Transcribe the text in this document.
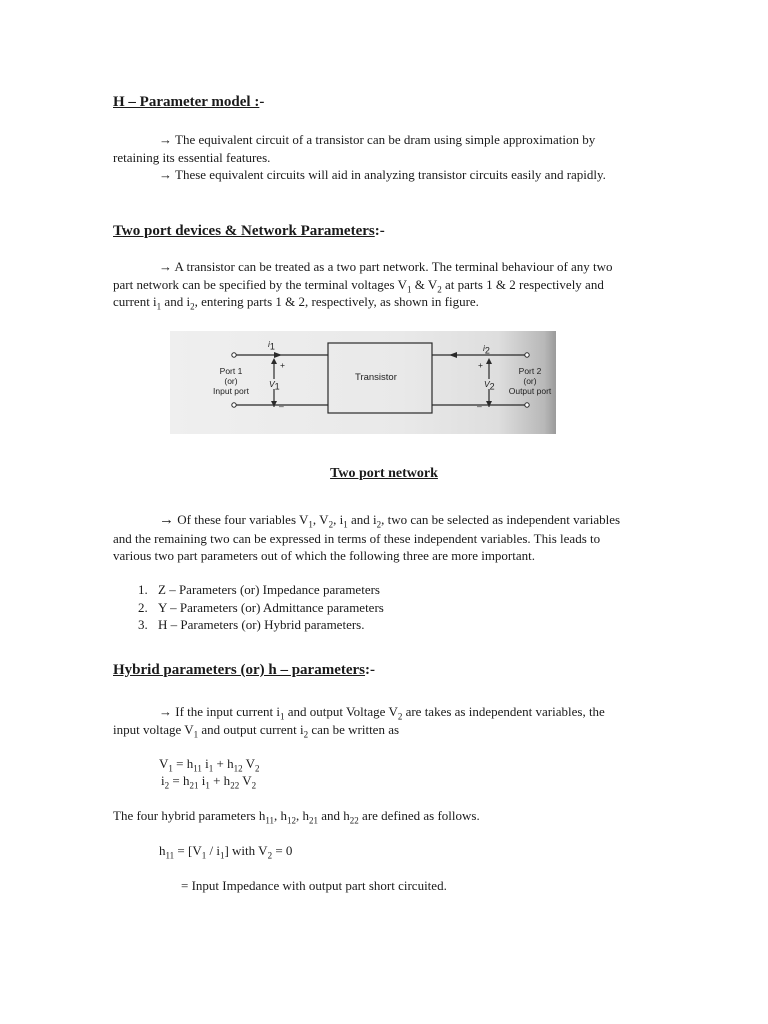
H – Parameter model :-

→ The equivalent circuit of a transistor can be dram using simple approximation by retaining its essential features.

→ These equivalent circuits will aid in analyzing transistor circuits easily and rapidly.

Two port devices & Network Parameters:-

→ A transistor can be treated as a two part network. The terminal behaviour of any two part network can be specified by the terminal voltages $V_1$ & $V_2$ at parts 1 & 2 respectively and current $i_1$ and $i_2$, entering parts 1 & 2, respectively, as shown in figure.

$i_1$	$i_2$
+	+
–	–
$V_1$	$V_2$
Transistor
Port 1
(or)
Input port
Port 2
(or)
Output port
Two port network

→ Of these four variables $V_1$, $V_2$, $i_1$ and $i_2$, two can be selected as independent variables and the remaining two can be expressed in terms of these independent variables. This leads to various two part parameters out of which the following three are more important.

1. Z – Parameters (or) Impedance parameters
2. Y – Parameters (or) Admittance parameters
3. H – Parameters (or) Hybrid parameters.
Hybrid parameters (or) h – parameters:-

→ If the input current $i_1$ and output Voltage $V_2$ are takes as independent variables, the input voltage $V_1$ and output current $i_2$ can be written as

$V_1 = h_{11}$ $i_1 + h_{12}$ $V_2$
$i_2 = h_{21}$ $i_1 + h_{22}$ $V_2$

The four hybrid parameters $h_{11}$, $h_{12}$, $h_{21}$ and $h_{22}$ are defined as follows.

$h_{11} = [V_1 / i_1]$ with $V_2 = 0$
= Input Impedance with output part short circuited.
